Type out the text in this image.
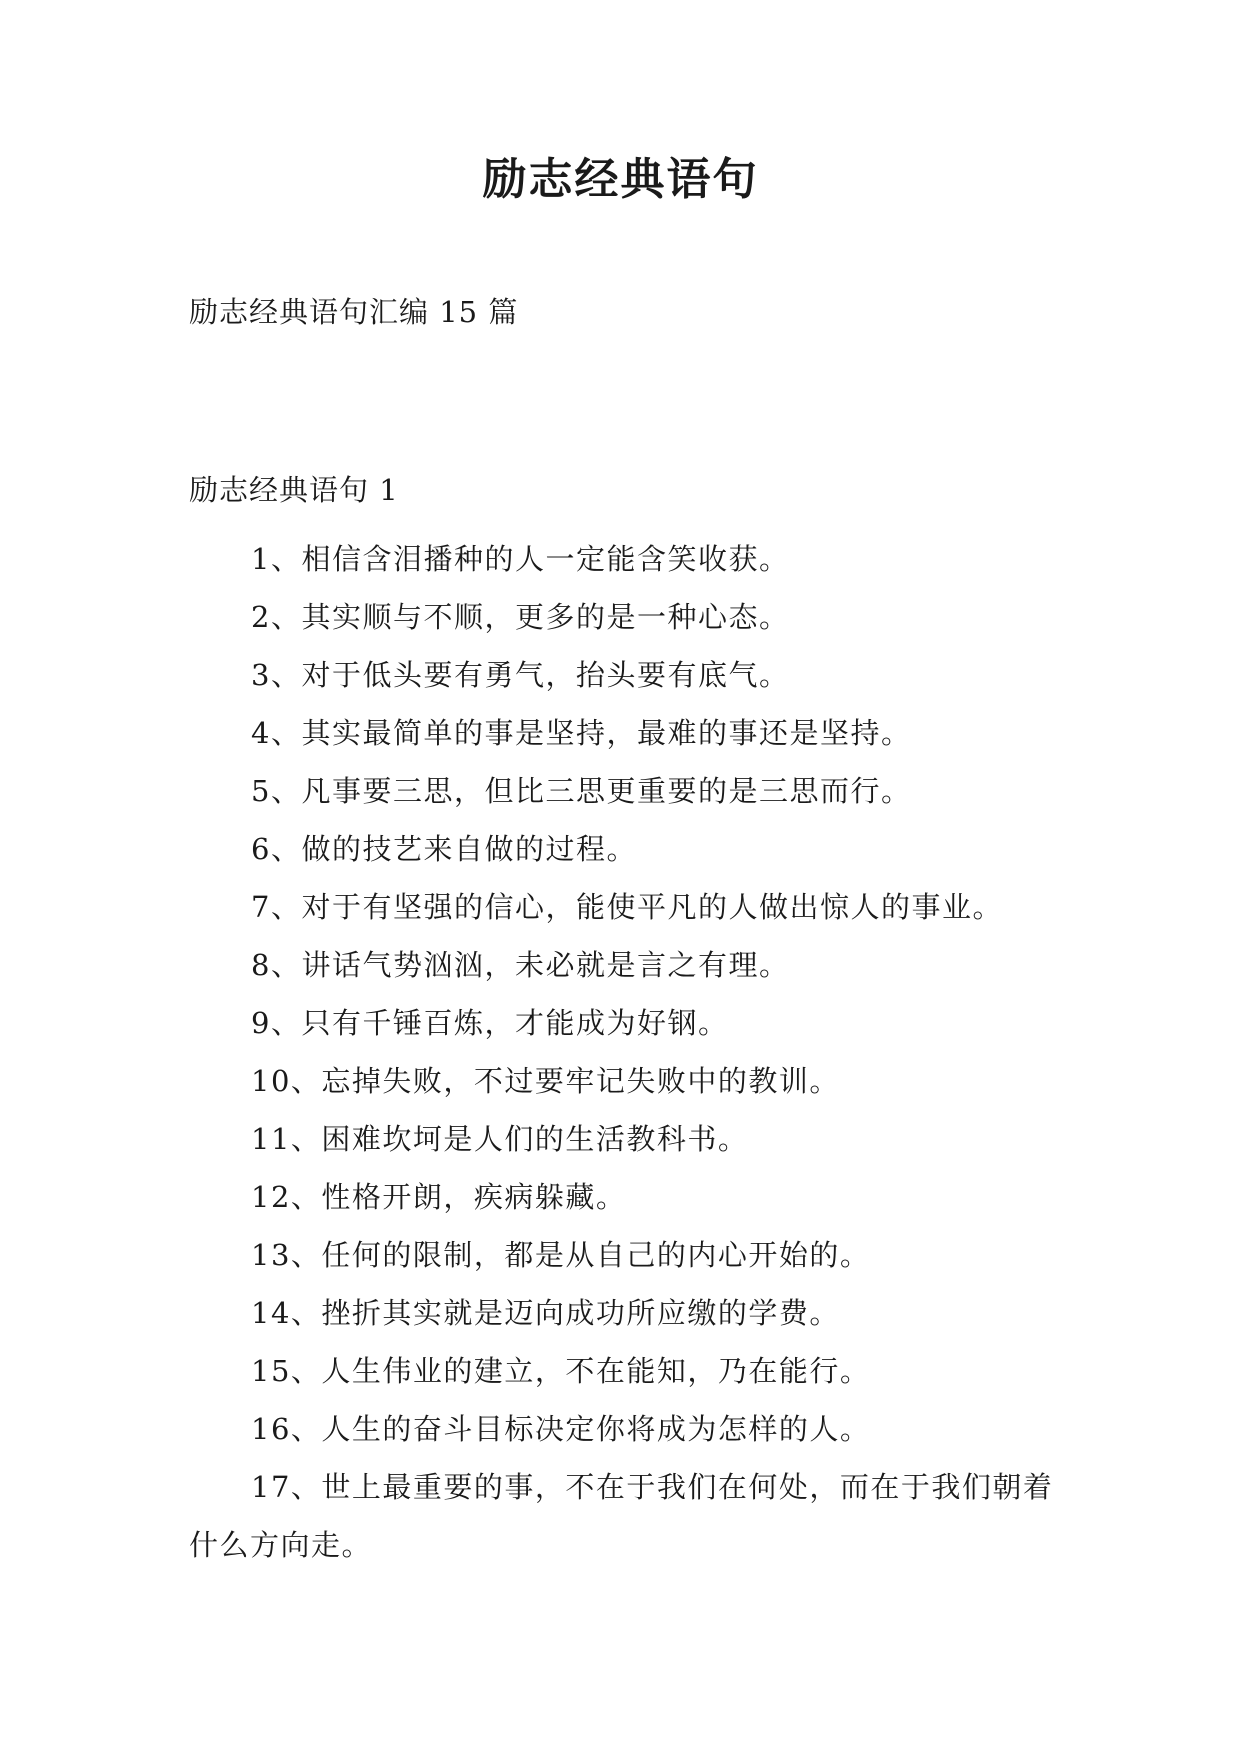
励志经典语句

励志经典语句汇编 15 篇

励志经典语句 1

1、相信含泪播种的人一定能含笑收获。
2、其实顺与不顺，更多的是一种心态。
3、对于低头要有勇气，抬头要有底气。
4、其实最简单的事是坚持，最难的事还是坚持。
5、凡事要三思，但比三思更重要的是三思而行。
6、做的技艺来自做的过程。
7、对于有坚强的信心，能使平凡的人做出惊人的事业。
8、讲话气势汹汹，未必就是言之有理。
9、只有千锤百炼，才能成为好钢。
10、忘掉失败，不过要牢记失败中的教训。
11、困难坎坷是人们的生活教科书。
12、性格开朗，疾病躲藏。
13、任何的限制，都是从自己的内心开始的。
14、挫折其实就是迈向成功所应缴的学费。
15、人生伟业的建立，不在能知，乃在能行。
16、人生的奋斗目标决定你将成为怎样的人。
17、世上最重要的事，不在于我们在何处，而在于我们朝着什么方向走。
